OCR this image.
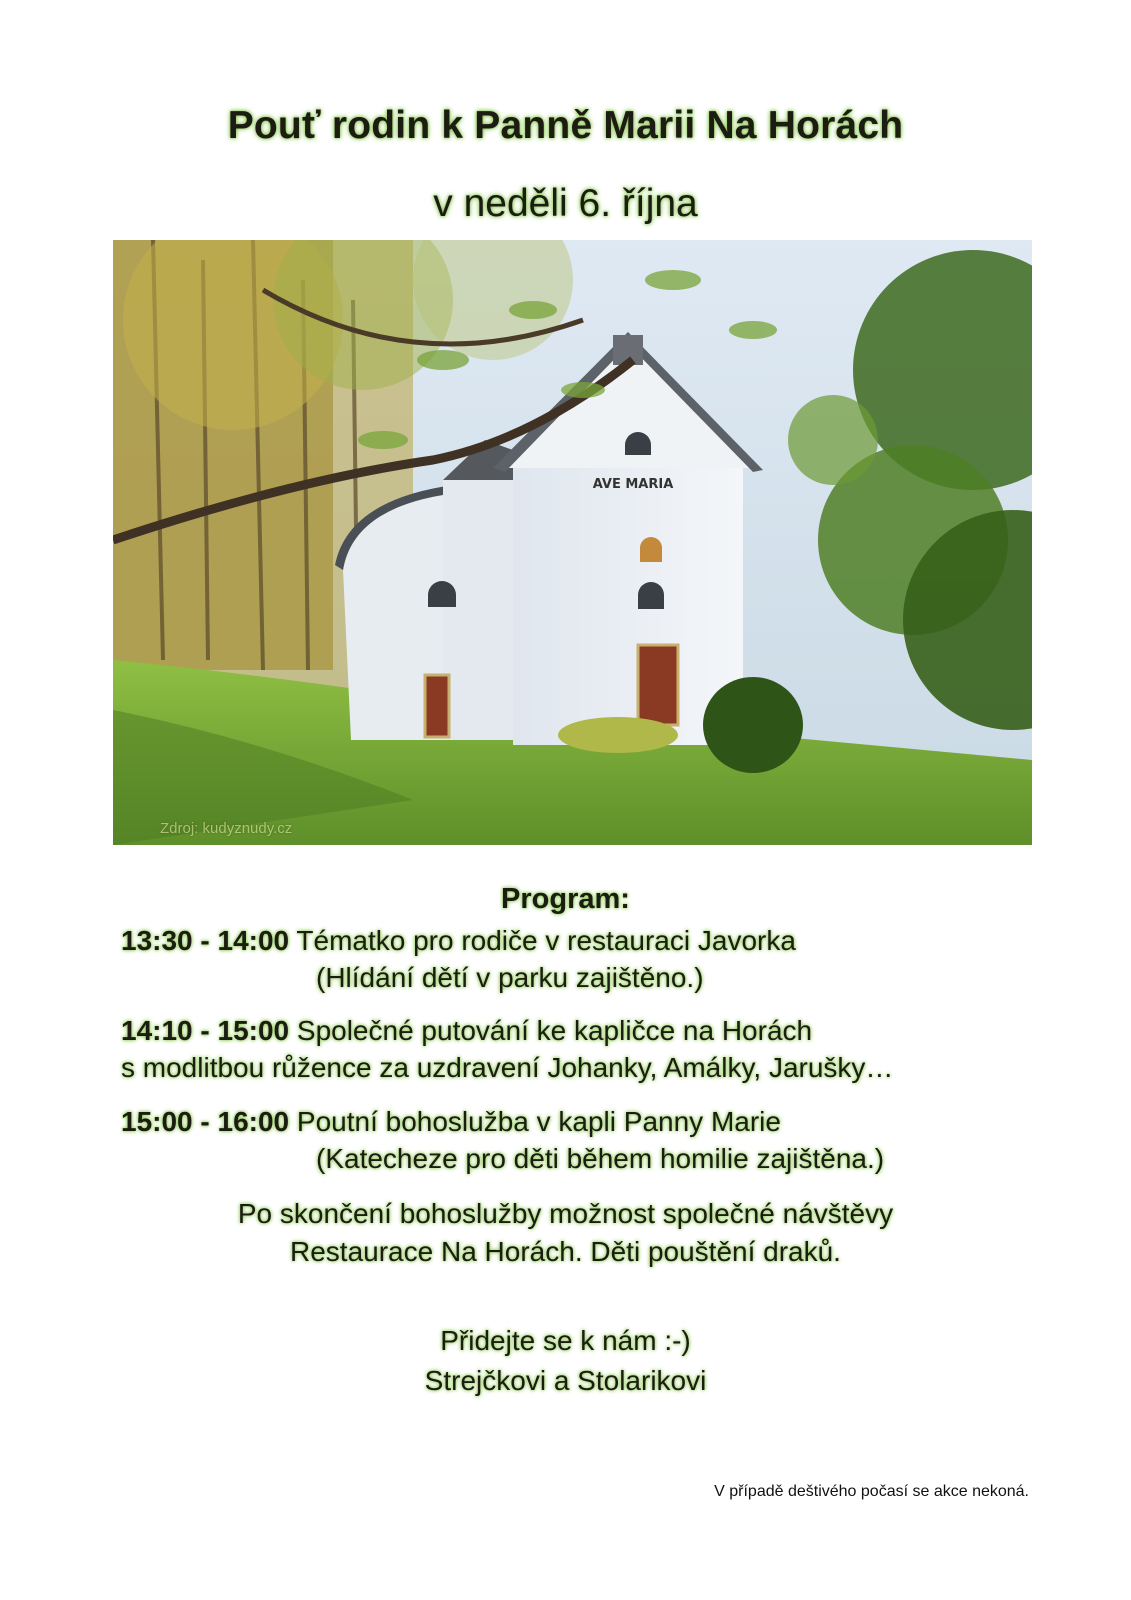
Pouť rodin k Panně Marii Na Horách
v neděli 6. října
AVE MARIA
Zdroj: kudyznudy.cz
Program:
13:30 - 14:00 Tématko pro rodiče v restauraci Javorka
(Hlídání dětí v parku zajištěno.)
14:10 - 15:00 Společné putování ke kapličce na Horách
s modlitbou růžence za uzdravení Johanky, Amálky, Jarušky…
15:00 - 16:00 Poutní bohoslužba v kapli Panny Marie
(Katecheze pro děti během homilie zajištěna.)
Po skončení bohoslužby možnost společné návštěvy
Restaurace Na Horách. Děti pouštění draků.
Přidejte se k nám :-)
Strejčkovi a Stolarikovi
V případě deštivého počasí se akce nekoná.
